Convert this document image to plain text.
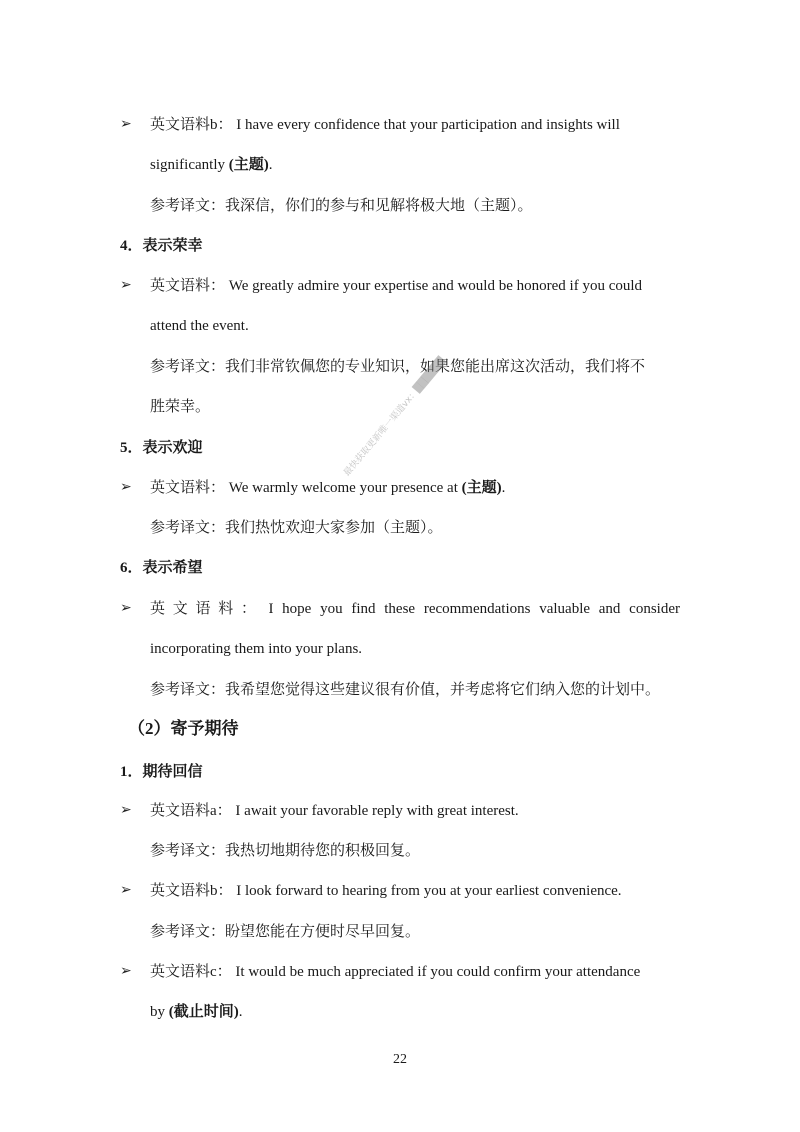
➢ 英文语料b： I have every confidence that your participation and insights will
significantly (主题).
参考译文：我深信，你们的参与和见解将极大地（主题）。
4．表示荣幸
➢ 英文语料： We greatly admire your expertise and would be honored if you could
attend the event.
参考译文：我们非常钦佩您的专业知识，如果您能出席这次活动，我们将不
胜荣幸。
5．表示欢迎
➢ 英文语料： We warmly welcome your presence at (主题).
参考译文：我们热忱欢迎大家参加（主题）。
6．表示希望
➢ 英 文 语 料 ： I hope you find these recommendations valuable and consider
incorporating them into your plans.
参考译文：我希望您觉得这些建议很有价值，并考虑将它们纳入您的计划中。
（2）寄予期待
1．期待回信
➢ 英文语料a： I await your favorable reply with great interest.
参考译文：我热切地期待您的积极回复。
➢ 英文语料b： I look forward to hearing from you at your earliest convenience.
参考译文：盼望您能在方便时尽早回复。
➢ 英文语料c： It would be much appreciated if you could confirm your attendance
by (截止时间).
最快获取更新唯一渠道vx：██████
22
